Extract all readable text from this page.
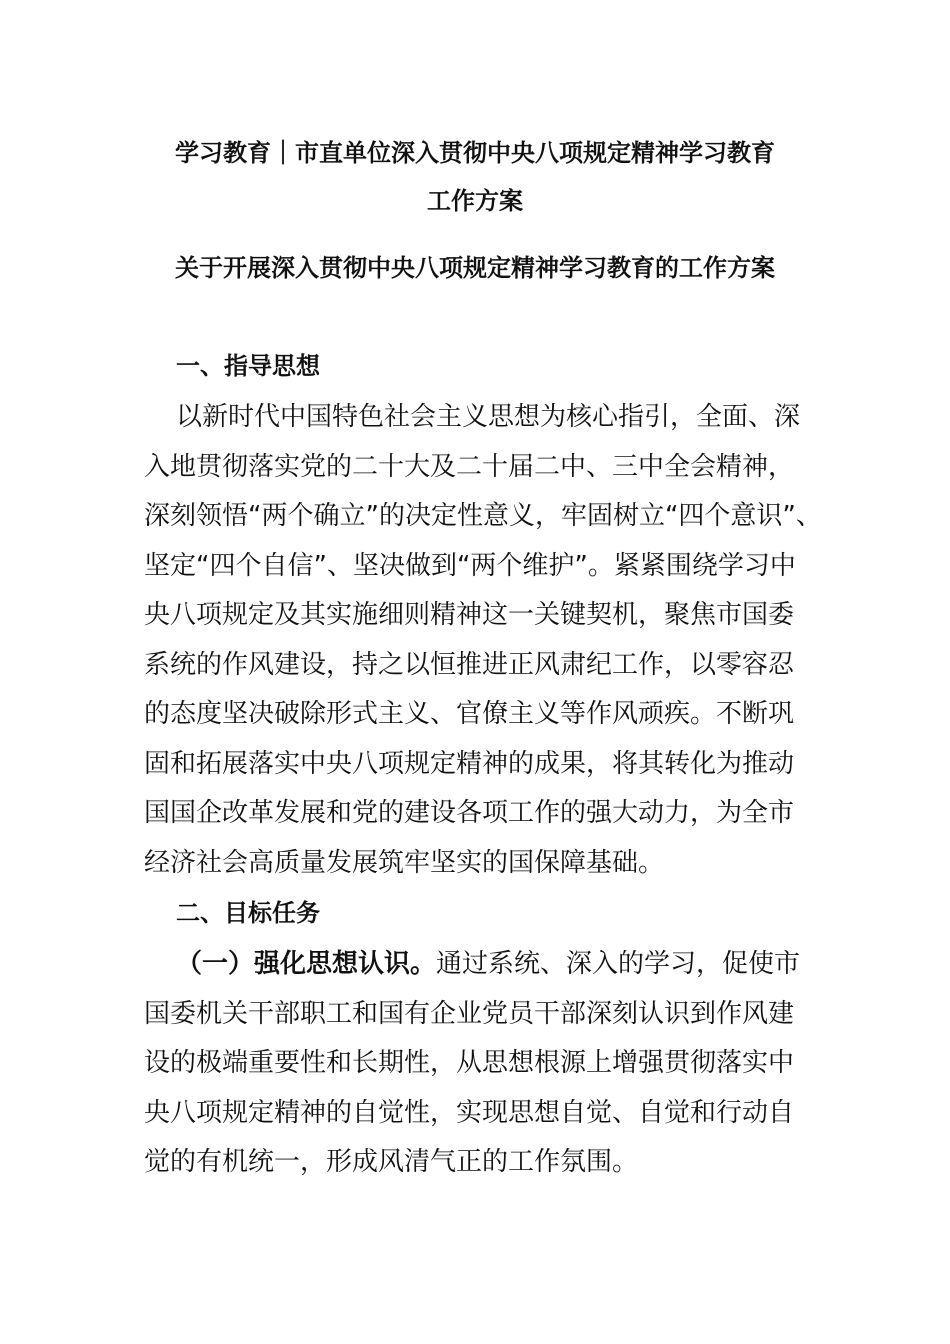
学习教育｜市直单位深入贯彻中央八项规定精神学习教育
工作方案
关于开展深入贯彻中央八项规定精神学习教育的工作方案
一、指导思想
以新时代中国特色社会主义思想为核心指引，全面、深
入地贯彻落实党的二十大及二十届二中、三中全会精神，
深刻领悟“两个确立”的决定性意义，牢固树立“四个意识”、
坚定“四个自信”、坚决做到“两个维护”。紧紧围绕学习中
央八项规定及其实施细则精神这一关键契机，聚焦市国委
系统的作风建设，持之以恒推进正风肃纪工作，以零容忍
的态度坚决破除形式主义、官僚主义等作风顽疾。不断巩
固和拓展落实中央八项规定精神的成果，将其转化为推动
国国企改革发展和党的建设各项工作的强大动力，为全市
经济社会高质量发展筑牢坚实的国保障基础。
二、目标任务
（一）强化思想认识。通过系统、深入的学习，促使市
国委机关干部职工和国有企业党员干部深刻认识到作风建
设的极端重要性和长期性，从思想根源上增强贯彻落实中
央八项规定精神的自觉性，实现思想自觉、自觉和行动自
觉的有机统一，形成风清气正的工作氛围。
